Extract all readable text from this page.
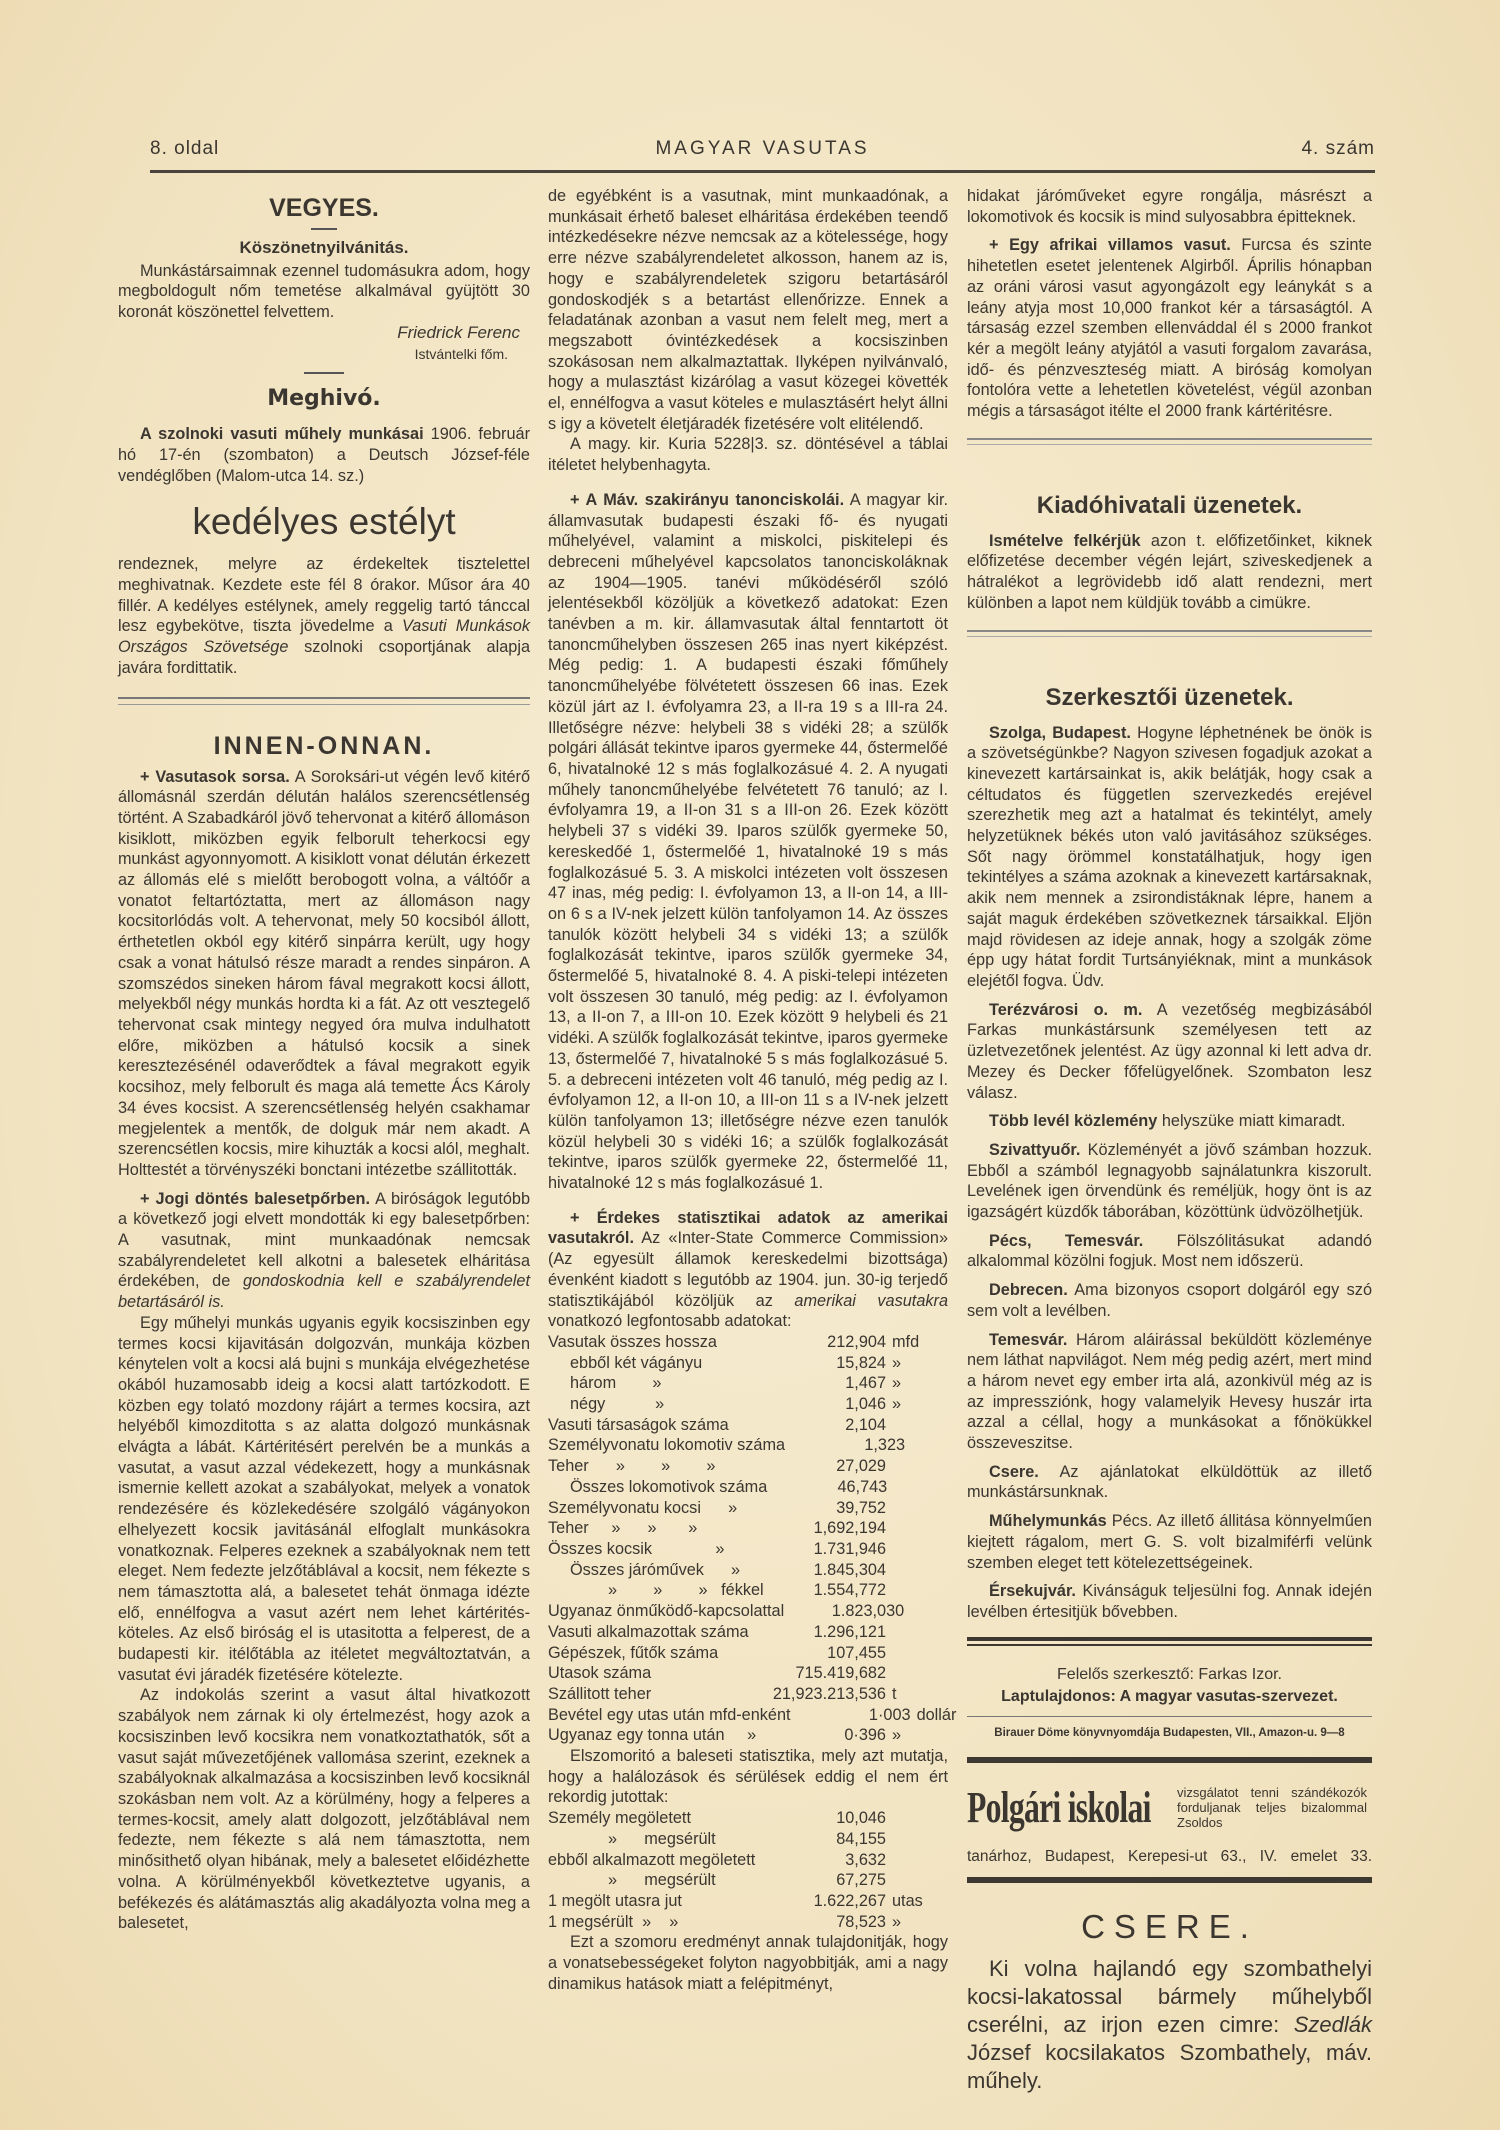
8. oldal	MAGYAR VASUTAS	4. szám
VEGYES.
Köszönetnyilvánitás.

Munkástársaimnak ezennel tudomásukra adom, hogy megboldogult nőm temetése alkalmával gyüjtött 30 koronát köszönettel felvettem.

Friedrick Ferenc
Istvántelki főm.
Meghivó.

A szolnoki vasuti műhely munkásai 1906. február hó 17-én (szombaton) a Deutsch József-féle vendéglőben (Malom-utca 14. sz.)

kedélyes estélyt

rendeznek, melyre az érdekeltek tisztelettel meghivatnak. Kezdete este fél 8 órakor. Műsor ára 40 fillér. A kedélyes estélynek, amely reggelig tartó tánccal lesz egybekötve, tiszta jövedelme a Vasuti Munkások Országos Szövetsége szolnoki csoportjának alapja javára fordittatik.

INNEN-ONNAN.

+ Vasutasok sorsa. A Soroksári-ut végén levő kitérő állomásnál szerdán délután halálos szerencsétlenség történt. A Szabadkáról jövő tehervonat a kitérő állomáson kisiklott, miközben egyik felborult teherkocsi egy munkást agyonnyomott. A kisiklott vonat délután érkezett az állomás elé s mielőtt berobogott volna, a váltóőr a vonatot feltartóztatta, mert az állomáson nagy kocsitorlódás volt. A tehervonat, mely 50 kocsiból állott, érthetetlen okból egy kitérő sinpárra került, ugy hogy csak a vonat hátulsó része maradt a rendes sinpáron. A szomszédos sineken három fával megrakott kocsi állott, melyekből négy munkás hordta ki a fát. Az ott vesztegelő tehervonat csak mintegy negyed óra mulva indulhatott előre, miközben a hátulsó kocsik a sinek keresztezésénél odaverődtek a fával megrakott egyik kocsihoz, mely felborult és maga alá temette Ács Károly 34 éves kocsist. A szerencsétlenség helyén csakhamar megjelentek a mentők, de dolguk már nem akadt. A szerencsétlen kocsis, mire kihuzták a kocsi alól, meghalt. Holttestét a törvényszéki bonctani intézetbe szállitották.

+ Jogi döntés balesetpőrben. A biróságok legutóbb a következő jogi elvett mondották ki egy balesetpőrben: A vasutnak, mint munkaadónak nemcsak szabályrendeletet kell alkotni a balesetek elháritása érdekében, de gondoskodnia kell e szabályrendelet betartásáról is.

Egy műhelyi munkás ugyanis egyik kocsiszinben egy termes kocsi kijavitásán dolgozván, munkája közben kénytelen volt a kocsi alá bujni s munkája elvégezhetése okából huzamosabb ideig a kocsi alatt tartózkodott. E közben egy tolató mozdony rájárt a termes kocsira, azt helyéből kimozditotta s az alatta dolgozó munkásnak elvágta a lábát. Kártéritésért perelvén be a munkás a vasutat, a vasut azzal védekezett, hogy a munkásnak ismernie kellett azokat a szabályokat, melyek a vonatok rendezésére és közlekedésére szolgáló vágányokon elhelyezett kocsik javitásánál elfoglalt munkásokra vonatkoznak. Felperes ezeknek a szabályoknak nem tett eleget. Nem fedezte jelzőtáblával a kocsit, nem fékezte s nem támasztotta alá, a balesetet tehát önmaga idézte elő, ennélfogva a vasut azért nem lehet kártérités-köteles. Az első biróság el is utasitotta a felperest, de a budapesti kir. itélőtábla az itéletet megváltoztatván, a vasutat évi járadék fizetésére kötelezte.

Az indokolás szerint a vasut által hivatkozott szabályok nem zárnak ki oly értelmezést, hogy azok a kocsiszinben levő kocsikra nem vonatkoztathatók, sőt a vasut saját művezetőjének vallomása szerint, ezeknek a szabályoknak alkalmazása a kocsiszinben levő kocsiknál szokásban nem volt. Az a körülmény, hogy a felperes a termes-kocsit, amely alatt dolgozott, jelzőtáblával nem fedezte, nem fékezte s alá nem támasztotta, nem minősithető olyan hibának, mely a balesetet előidézhette volna. A körülményekből következtetve ugyanis, a befékezés és alátámasztás alig akadályozta volna meg a balesetet,

de egyébként is a vasutnak, mint munkaadónak, a munkásait érhető baleset elháritása érdekében teendő intézkedésekre nézve nemcsak az a kötelessége, hogy erre nézve szabályrendeletet alkosson, hanem az is, hogy e szabályrendeletek szigoru betartásáról gondoskodjék s a betartást ellenőrizze. Ennek a feladatának azonban a vasut nem felelt meg, mert a megszabott óvintézkedések a kocsiszinben szokásosan nem alkalmaztattak. Ilyképen nyilvánvaló, hogy a mulasztást kizárólag a vasut közegei követték el, ennélfogva a vasut köteles e mulasztásért helyt állni s igy a követelt életjáradék fizetésére volt elitélendő.

A magy. kir. Kuria 5228|3. sz. döntésével a táblai itéletet helybenhagyta.

+ A Máv. szakirányu tanonciskolái. A magyar kir. államvasutak budapesti északi fő- és nyugati műhelyével, valamint a miskolci, piskitelepi és debreceni műhelyével kapcsolatos tanonciskoláknak az 1904—1905. tanévi működéséről szóló jelentésekből közöljük a következő adatokat: Ezen tanévben a m. kir. államvasutak által fenntartott öt tanoncműhelyben összesen 265 inas nyert kiképzést. Még pedig: 1. A budapesti északi főműhely tanoncműhelyébe fölvétetett összesen 66 inas. Ezek közül járt az I. évfolyamra 23, a II-ra 19 s a III-ra 24. Illetőségre nézve: helybeli 38 s vidéki 28; a szülők polgári állását tekintve iparos gyermeke 44, őstermelőé 6, hivatalnoké 12 s más foglalkozásué 4. 2. A nyugati műhely tanoncműhelyébe felvétetett 76 tanuló; az I. évfolyamra 19, a II-on 31 s a III-on 26. Ezek között helybeli 37 s vidéki 39. Iparos szülők gyermeke 50, kereskedőé 1, őstermelőé 1, hivatalnoké 19 s más foglalkozásué 5. 3. A miskolci intézeten volt összesen 47 inas, még pedig: I. évfolyamon 13, a II-on 14, a III-on 6 s a IV-nek jelzett külön tanfolyamon 14. Az összes tanulók között helybeli 34 s vidéki 13; a szülők foglalkozását tekintve, iparos szülők gyermeke 34, őstermelőé 5, hivatalnoké 8. 4. A piski-telepi intézeten volt összesen 30 tanuló, még pedig: az I. évfolyamon 13, a II-on 7, a III-on 10. Ezek között 9 helybeli és 21 vidéki. A szülők foglalkozását tekintve, iparos gyermeke 13, őstermelőé 7, hivatalnoké 5 s más foglalkozásué 5. 5. a debreceni intézeten volt 46 tanuló, még pedig az I. évfolyamon 12, a II-on 10, a III-on 11 s a IV-nek jelzett külön tanfolyamon 13; illetőségre nézve ezen tanulók közül helybeli 30 s vidéki 16; a szülők foglalkozását tekintve, iparos szülők gyermeke 22, őstermelőé 11, hivatalnoké 12 s más foglalkozásué 1.

+ Érdekes statisztikai adatok az amerikai vasutakról. Az «Inter-State Commerce Commission» (Az egyesült államok kereskedelmi bizottsága) évenként kiadott s legutóbb az 1904. jun. 30-ig terjedő statisztikájából közöljük az amerikai vasutakra vonatkozó legfontosabb adatokat:

Vasutak összes hossza	212,904 mfd
ebből két vágányu	15,824 »
három        »	1,467 »
négy           »	1,046 »
Vasuti társaságok száma	2,104
Személyvonatu lokomotiv száma	1,323
Teher      »        »        »	27,029
Összes lokomotivok száma	46,743
Személyvonatu kocsi      »	39,752
Teher     »      »       »	1,692,194
Összes kocsik              »	1.731,946
Összes járóművek      »	1.845,304
»        »        »   fékkel	1.554,772
Ugyanaz önműködő-kapcsolattal	1.823,030
Vasuti alkalmazottak száma	1.296,121
Gépészek, fűtők száma	107,455
Utasok száma	715.419,682
Szállitott teher	21,923.213,536 t
Bevétel egy utas után mfd-enként	1·003 dollár
Ugyanaz egy tonna után     »	0·396 »

Elszomoritó a baleseti statisztika, mely azt mutatja, hogy a halálozások és sérülések eddig el nem ért rekordig jutottak:

Személy megöletett	10,046
»      megsérült	84,155
ebből alkalmazott megöletett	3,632
»      megsérült	67,275
1 megölt utasra jut	1.622,267 utas
1 megsérült  »    »	78,523 »

Ezt a szomoru eredményt annak tulajdonitják, hogy a vonatsebességeket folyton nagyobbitják, ami a nagy dinamikus hatások miatt a felépitményt,

hidakat járóműveket egyre rongálja, másrészt a lokomotivok és kocsik is mind sulyosabbra épitteknek.

+ Egy afrikai villamos vasut. Furcsa és szinte hihetetlen esetet jelentenek Algirből. Április hónapban az oráni városi vasut agyongázolt egy leánykát s a leány atyja most 10,000 frankot kér a társaságtól. A társaság ezzel szemben ellenváddal él s 2000 frankot kér a megölt leány atyjától a vasuti forgalom zavarása, idő- és pénzveszteség miatt. A biróság komolyan fontolóra vette a lehetetlen követelést, végül azonban mégis a társaságot itélte el 2000 frank kártéritésre.

Kiadóhivatali üzenetek.

Ismételve felkérjük azon t. előfizetőinket, kiknek előfizetése december végén lejárt, sziveskedjenek a hátralékot a legrövidebb idő alatt rendezni, mert különben a lapot nem küldjük tovább a cimükre.

Szerkesztői üzenetek.

Szolga, Budapest. Hogyne léphetnének be önök is a szövetségünkbe? Nagyon szivesen fogadjuk azokat a kinevezett kartársainkat is, akik belátják, hogy csak a céltudatos és független szervezkedés erejével szerezhetik meg azt a hatalmat és tekintélyt, amely helyzetüknek békés uton való javitásához szükséges. Sőt nagy örömmel konstatálhatjuk, hogy igen tekintélyes a száma azoknak a kinevezett kartársaknak, akik nem mennek a zsirondistáknak lépre, hanem a saját maguk érdekében szövetkeznek társaikkal. Eljön majd rövidesen az ideje annak, hogy a szolgák zöme épp ugy hátat fordit Turtsányiéknak, mint a munkások elejétől fogva. Üdv.

Terézvárosi o. m. A vezetőség megbizásából Farkas munkástársunk személyesen tett az üzletvezetőnek jelentést. Az ügy azonnal ki lett adva dr. Mezey és Decker főfelügyelőnek. Szombaton lesz válasz.

Több levél közlemény helyszüke miatt kimaradt.

Szivattyuőr. Közleményét a jövő számban hozzuk. Ebből a számból legnagyobb sajnálatunkra kiszorult. Levelének igen örvendünk és reméljük, hogy önt is az igazságért küzdők táborában, közöttünk üdvözölhetjük.

Pécs, Temesvár. Fölszólitásukat adandó alkalommal közölni fogjuk. Most nem időszerü.

Debrecen. Ama bizonyos csoport dolgáról egy szó sem volt a levélben.

Temesvár. Három aláirással beküldött közleménye nem láthat napvilágot. Nem még pedig azért, mert mind a három nevet egy ember irta alá, azonkivül még az is az impressziónk, hogy valamelyik Hevesy huszár irta azzal a céllal, hogy a munkásokat a főnökükkel összeveszitse.

Csere. Az ajánlatokat elküldöttük az illető munkástársunknak.

Műhelymunkás Pécs. Az illető állitása könnyelműen kiejtett rágalom, mert G. S. volt bizalmiférfi velünk szemben eleget tett kötelezettségeinek.

Érsekujvár. Kivánságuk teljesülni fog. Annak idején levélben értesitjük bővebben.

Felelős szerkesztő: Farkas Izor.
Laptulajdonos: A magyar vasutas-szervezet.
Birauer Döme könyvnyomdája Budapesten, VII., Amazon-u. 9—8
Polgári iskolai vizsgálatot tenni szándékozók forduljanak teljes bizalommal Zsoldos
tanárhoz, Budapest, Kerepesi-ut 63., IV. emelet 33.
CSERE.

Ki volna hajlandó egy szombathelyi kocsi-lakatossal bármely műhelyből cserélni, az irjon ezen cimre: Szedlák József kocsilakatos Szombathely, máv. műhely.
